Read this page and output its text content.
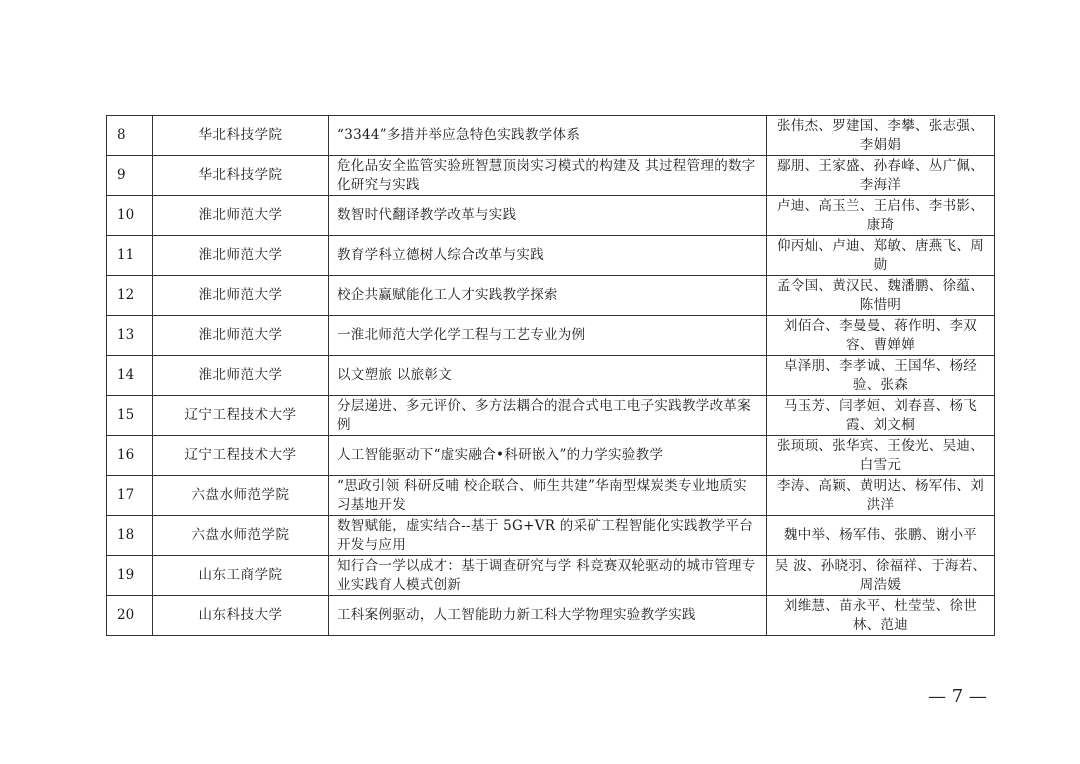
8	华北科技学院	“3344”多措并举应急特色实践教学体系	张伟杰、罗建国、李攀、张志强、李娟娟
9	华北科技学院	危化品安全监管实验班智慧顶岗实习模式的构建及 其过程管理的数字化研究与实践	鄢朋、王家盛、孙春峰、丛广佩、李海洋
10	淮北师范大学	数智时代翻译教学改革与实践	卢迪、高玉兰、王启伟、李书影、康琦
11	淮北师范大学	教育学科立德树人综合改革与实践	仰丙灿、卢迪、郑敏、唐燕飞、周勋
12	淮北师范大学	校企共赢赋能化工人才实践教学探索	孟令国、黄汉民、魏潘鹏、徐蕴、陈惜明
13	淮北师范大学	一淮北师范大学化学工程与工艺专业为例	刘佰合、李曼曼、蒋作明、李双容、曹婵婵
14	淮北师范大学	以文塑旅 以旅彰文	卓泽朋、李孝诚、王国华、杨经验、张森
15	辽宁工程技术大学	分层递进、多元评价、多方法耦合的混合式电工电子实践教学改革案例	马玉芳、闫孝姮、刘春喜、杨飞霞、刘文桐
16	辽宁工程技术大学	人工智能驱动下“虚实融合•科研嵌入”的力学实验教学	张顼顼、张华宾、王俊光、吴迪、白雪元
17	六盘水师范学院	“思政引领 科研反哺 校企联合、师生共建”华南型煤炭类专业地质实习基地开发	李涛、高颖、黄明达、杨军伟、刘洪洋
18	六盘水师范学院	数智赋能，虚实结合--基于 5G+VR 的采矿工程智能化实践教学平台开发与应用	魏中举、杨军伟、张鹏、谢小平
19	山东工商学院	知行合一学以成才：基于调查研究与学 科竞赛双轮驱动的城市管理专业实践育人模式创新	吴 波、孙晓羽、徐福祥、于海若、周浩媛
20	山东科技大学	工科案例驱动，人工智能助力新工科大学物理实验教学实践	刘维慧、苗永平、杜莹莹、徐世林、范迪
— 7 —
